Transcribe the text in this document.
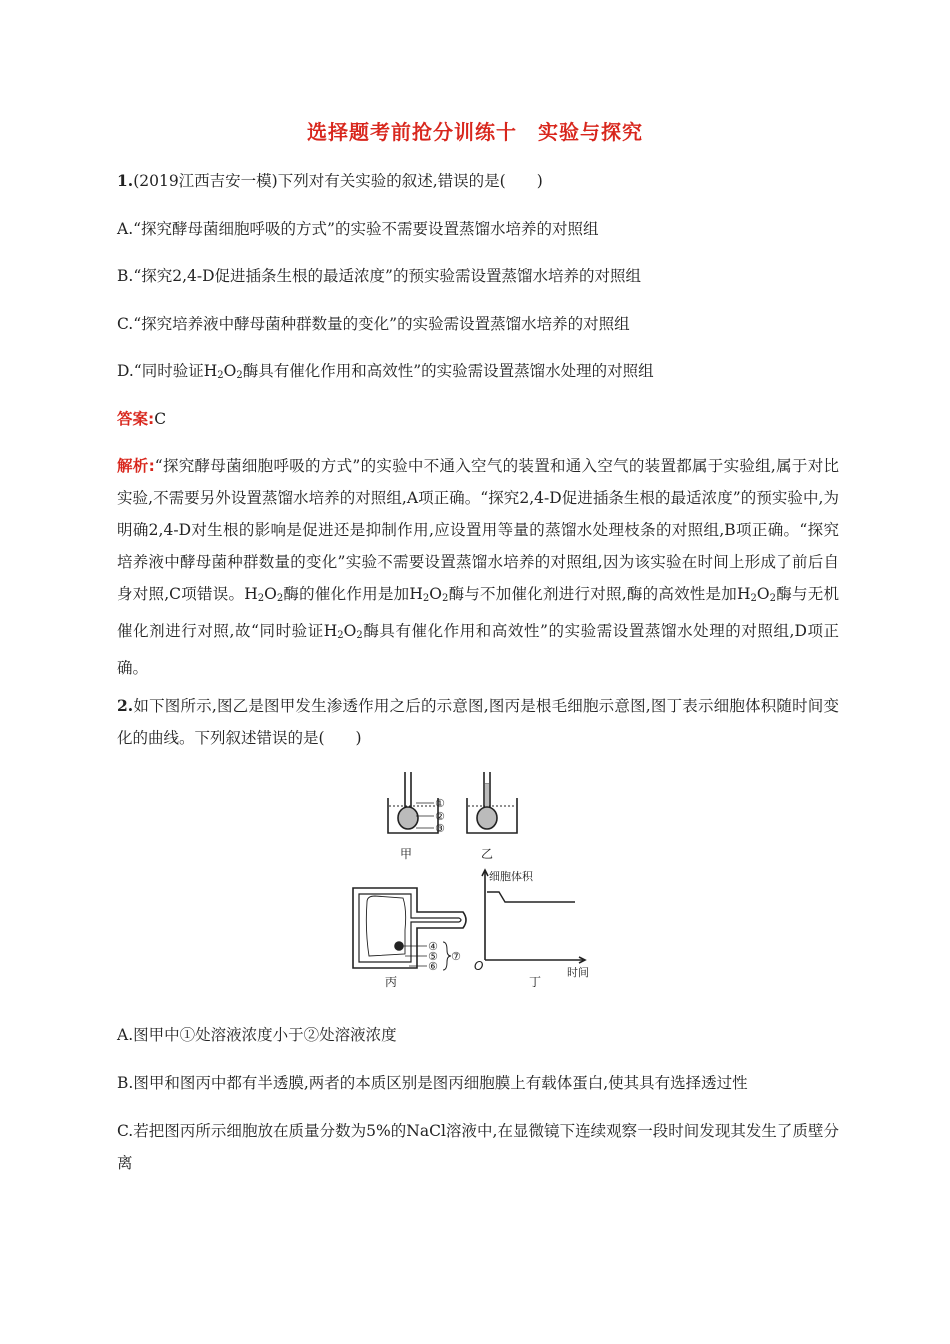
选择题考前抢分训练十　实验与探究
1.(2019江西吉安一模)下列对有关实验的叙述,错误的是(　　)
A.“探究酵母菌细胞呼吸的方式”的实验不需要设置蒸馏水培养的对照组
B.“探究2,4-D促进插条生根的最适浓度”的预实验需设置蒸馏水培养的对照组
C.“探究培养液中酵母菌种群数量的变化”的实验需设置蒸馏水培养的对照组
D.“同时验证H2O2酶具有催化作用和高效性”的实验需设置蒸馏水处理的对照组
答案:C
解析:“探究酵母菌细胞呼吸的方式”的实验中不通入空气的装置和通入空气的装置都属于实验组,属于对比实验,不需要另外设置蒸馏水培养的对照组,A项正确。“探究2,4-D促进插条生根的最适浓度”的预实验中,为明确2,4-D对生根的影响是促进还是抑制作用,应设置用等量的蒸馏水处理枝条的对照组,B项正确。“探究培养液中酵母菌种群数量的变化”实验不需要设置蒸馏水培养的对照组,因为该实验在时间上形成了前后自身对照,C项错误。$H_2O_2$酶的催化作用是加$H_2O_2$酶与不加催化剂进行对照,酶的高效性是加$H_2O_2$酶与无机催化剂进行对照,故“同时验证$H_2O_2$酶具有催化作用和高效性”的实验需设置蒸馏水处理的对照组,D项正确。
2.如下图所示,图乙是图甲发生渗透作用之后的示意图,图丙是根毛细胞示意图,图丁表示细胞体积随时间变化的曲线。下列叙述错误的是(　　)
①
②
③
④
⑤
⑥
⑦
甲	乙
丙	丁
细胞体积
时间
O
A.图甲中①处溶液浓度小于②处溶液浓度
B.图甲和图丙中都有半透膜,两者的本质区别是图丙细胞膜上有载体蛋白,使其具有选择透过性
C.若把图丙所示细胞放在质量分数为5%的NaCl溶液中,在显微镜下连续观察一段时间发现其发生了质壁分离
